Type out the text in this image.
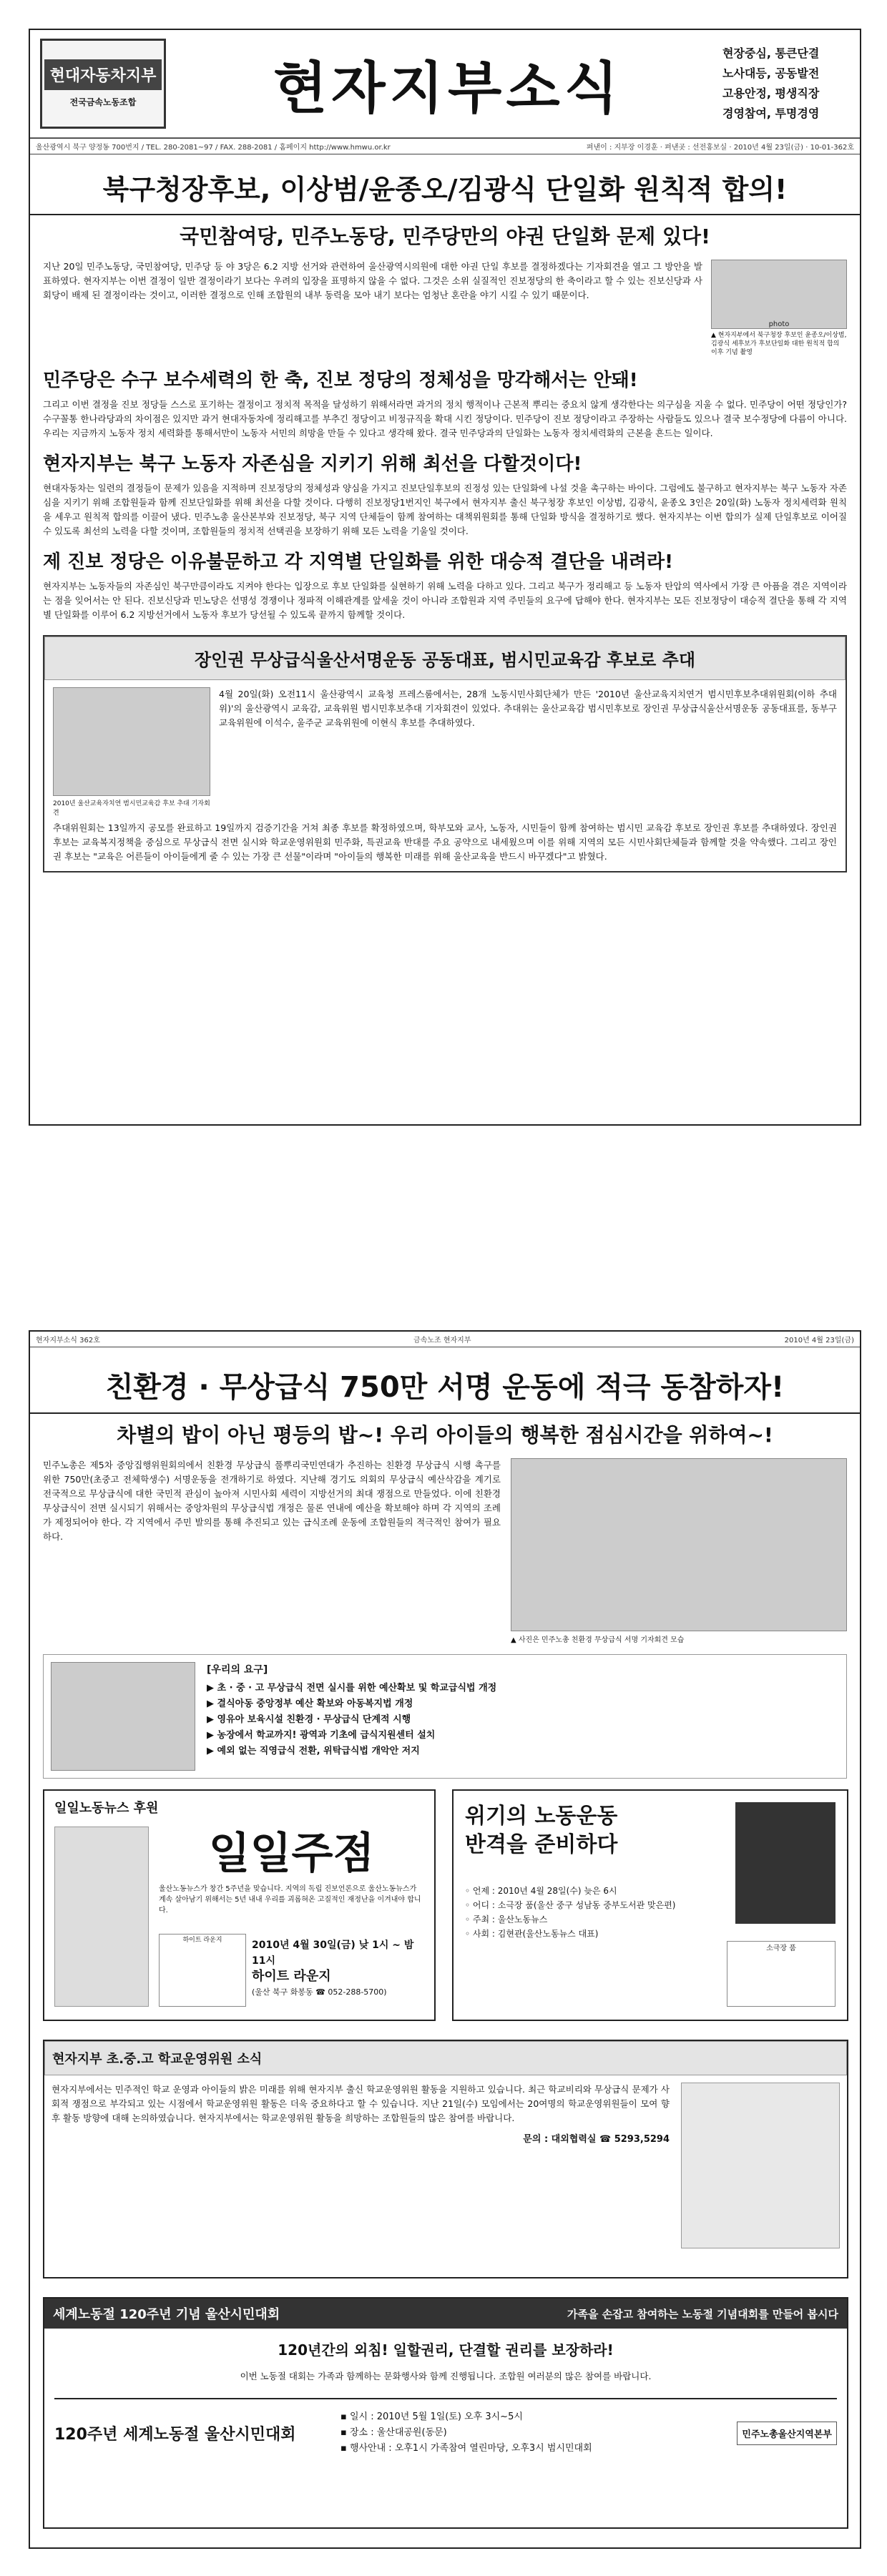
현대자동차지부
전국금속노동조합	현자지부소식
현장중심, 통큰단결
노사대등, 공동발전
고용안정, 평생직장
경영참여, 투명경영
울산광역시 북구 양정동 700번지 / TEL. 280-2081~97 / FAX. 288-2081 / 홈페이지 http://www.hmwu.or.kr	펴낸이 : 지부장 이경훈 · 펴낸곳 : 선전홍보실 · 2010년 4월 23일(금) · 10-01-362호
북구청장후보, 이상범/윤종오/김광식 단일화 원칙적 합의!
국민참여당, 민주노동당, 민주당만의 야권 단일화 문제 있다!
지난 20일 민주노동당, 국민참여당, 민주당 등 야 3당은 6.2 지방 선거와 관련하여 울산광역시의원에 대한 야권 단일 후보를 결정하겠다는 기자회견을 열고 그 방안을 발표하였다. 현자지부는 이번 결정이 일반 결정이라기 보다는 우려의 입장을 표명하지 않을 수 없다. 그것은 소위 실질적인 진보정당의 한 축이라고 할 수 있는 진보신당과 사회당이 배제 된 결정이라는 것이고, 이러한 결정으로 인해 조합원의 내부 동력을 모아 내기 보다는 엄청난 혼란을 야기 시킬 수 있기 때문이다.
photo
▲ 현자지부에서 북구청장 후보인 윤종오/이상범, 김광식 세후보가 후보단일화 대한 원칙적 합의 이후 기념 촬영
민주당은 수구 보수세력의 한 축, 진보 정당의 정체성을 망각해서는 안돼!
그리고 이번 결정을 진보 정당들 스스로 포기하는 결정이고 정치적 목적을 달성하기 위해서라면 과거의 정치 행적이나 근본적 뿌리는 중요치 않게 생각한다는 의구심을 지울 수 없다. 민주당이 어떤 정당인가? 수구꼴통 한나라당과의 차이점은 있지만 과거 현대자동차에 정리해고를 부추긴 정당이고 비정규직을 확대 시킨 정당이다. 민주당이 진보 정당이라고 주장하는 사람들도 있으나 결국 보수정당에 다름이 아니다. 우리는 지금까지 노동자 정치 세력화를 통해서만이 노동자 서민의 희망을 만들 수 있다고 생각해 왔다. 결국 민주당과의 단일화는 노동자 정치세력화의 근본을 흔드는 일이다.
현자지부는 북구 노동자 자존심을 지키기 위해 최선을 다할것이다!
현대자동차는 일련의 결정들이 문제가 있음을 지적하며 진보정당의 정체성과 양심을 가지고 진보단일후보의 진정성 있는 단일화에 나설 것을 촉구하는 바이다. 그럼에도 불구하고 현자지부는 북구 노동자 자존심을 지키기 위해 조합원들과 함께 진보단일화를 위해 최선을 다할 것이다. 다행히 진보정당1번지인 북구에서 현자지부 출신 북구청장 후보인 이상범, 김광식, 윤종오 3인은 20일(화) 노동자 정치세력화 원칙을 세우고 원칙적 합의를 이끌어 냈다. 민주노총 울산본부와 진보정당, 북구 지역 단체들이 함께 참여하는 대책위원회를 통해 단일화 방식을 결정하기로 했다. 현자지부는 이번 합의가 실제 단일후보로 이어질 수 있도록 최선의 노력을 다할 것이며, 조합원들의 정치적 선택권을 보장하기 위해 모든 노력을 기울일 것이다.
제 진보 정당은 이유불문하고 각 지역별 단일화를 위한 대승적 결단을 내려라!
현자지부는 노동자들의 자존심인 북구만큼이라도 지켜야 한다는 입장으로 후보 단일화를 실현하기 위해 노력을 다하고 있다. 그리고 북구가 정리해고 등 노동자 탄압의 역사에서 가장 큰 아픔을 겪은 지역이라는 점을 잊어서는 안 된다. 진보신당과 민노당은 선명성 경쟁이나 정파적 이해관계를 앞세울 것이 아니라 조합원과 지역 주민들의 요구에 답해야 한다. 현자지부는 모든 진보정당이 대승적 결단을 통해 각 지역별 단일화를 이루어 6.2 지방선거에서 노동자 후보가 당선될 수 있도록 끝까지 함께할 것이다.
장인권 무상급식울산서명운동 공동대표, 범시민교육감 후보로 추대
2010년 울산교육자치연 범시민교육감 후보 추대 기자회견
4월 20일(화) 오전11시 울산광역시 교육청 프레스룸에서는, 28개 노동시민사회단체가 만든 '2010년 울산교육지치연거 범시민후보추대위원회(이하 추대위)'의 울산광역시 교육감, 교육위원 범시민후보추대 기자회견이 있었다. 추대위는 울산교육감 범시민후보로 장인권 무상급식울산서명운동 공동대표를, 동부구 교육위원에 이석수, 울주군 교육위원에 이현식 후보를 추대하였다.
추대위원회는 13일까지 공모를 완료하고 19일까지 검증기간을 거쳐 최종 후보를 확정하였으며, 학부모와 교사, 노동자, 시민들이 함께 참여하는 범시민 교육감 후보로 장인권 후보를 추대하였다. 장인권 후보는 교육복지정책을 중심으로 무상급식 전면 실시와 학교운영위원회 민주화, 특권교육 반대를 주요 공약으로 내세웠으며 이를 위해 지역의 모든 시민사회단체들과 함께할 것을 약속했다. 그리고 장인권 후보는 "교육은 어른들이 아이들에게 줄 수 있는 가장 큰 선물"이라며 "아이들의 행복한 미래를 위해 울산교육을 반드시 바꾸겠다"고 밝혔다.
현자지부소식 362호	금속노조 현자지부	2010년 4월 23일(금)
친환경 · 무상급식 750만 서명 운동에 적극 동참하자!
차별의 밥이 아닌 평등의 밥~! 우리 아이들의 행복한 점심시간을 위하여~!
민주노총은 제5차 중앙집행위원회의에서 친환경 무상급식 풀뿌리국민연대가 추진하는 친환경 무상급식 시행 촉구를 위한 750만(초중고 전체학생수) 서명운동을 전개하기로 하였다. 지난해 경기도 의회의 무상급식 예산삭감을 계기로 전국적으로 무상급식에 대한 국민적 관심이 높아져 시민사회 세력이 지방선거의 최대 쟁점으로 만들었다. 이에 친환경 무상급식이 전면 실시되기 위해서는 중앙차원의 무상급식법 개정은 물론 연내에 예산을 확보해야 하며 각 지역의 조례가 제정되어야 한다. 각 지역에서 주민 발의를 통해 추진되고 있는 급식조례 운동에 조합원들의 적극적인 참여가 필요하다.
▲ 사진은 민주노총 친환경 무상급식 서명 기자회견 모습
[우리의 요구]
▶ 초 · 중 · 고 무상급식 전면 실시를 위한 예산확보 및 학교급식법 개정
▶ 결식아동 중앙정부 예산 확보와 아동복지법 개정
▶ 영유아 보육시설 친환경 · 무상급식 단계적 시행
▶ 농장에서 학교까지! 광역과 기초에 급식지원센터 설치
▶ 예외 없는 직영급식 전환, 위탁급식법 개악안 저지
일일노동뉴스 후원
일일주점
울산노동뉴스가 창간 5주년을 맞습니다. 지역의 독립 진보언론으로 울산노동뉴스가 계속 살아남기 위해서는 5년 내내 우리를 괴롭혀온 고질적인 재정난을 이겨내야 합니다.
하이트 라운지	2010년 4월 30일(금) 낮 1시 ~ 밤 11시
하이트 라운지
(울산 북구 화봉동 ☎ 052-288-5700)
위기의 노동운동
반격을 준비하다
◦ 언제 : 2010년 4월 28일(수) 늦은 6시
◦ 어디 : 소극장 품(울산 중구 성남동 중부도서관 맞은편)
◦ 주최 : 울산노동뉴스
◦ 사회 : 김현관(울산노동뉴스 대표)
소극장 품
현자지부 초.중.고 학교운영위원 소식
현자지부에서는 민주적인 학교 운영과 아이들의 밝은 미래를 위해 현자지부 출신 학교운영위원 활동을 지원하고 있습니다. 최근 학교비리와 무상급식 문제가 사회적 쟁점으로 부각되고 있는 시점에서 학교운영위원 활동은 더욱 중요하다고 할 수 있습니다. 지난 21일(수) 모임에서는 20여명의 학교운영위원들이 모여 향후 활동 방향에 대해 논의하였습니다. 현자지부에서는 학교운영위원 활동을 희망하는 조합원들의 많은 참여를 바랍니다.
문의 : 대외협력실 ☎ 5293,5294
세계노동절 120주년 기념 울산시민대회	가족을 손잡고 참여하는 노동절 기념대회를 만들어 봅시다
120년간의 외침! 일할권리, 단결할 권리를 보장하라!
이번 노동절 대회는 가족과 함께하는 문화행사와 함께 진행됩니다. 조합원 여러분의 많은 참여를 바랍니다.
120주년 세계노동절 울산시민대회
▪ 일시 : 2010년 5월 1일(토) 오후 3시~5시
▪ 장소 : 울산대공원(동문)
▪ 행사안내 : 오후1시 가족참여 열린마당, 오후3시 범시민대회
민주노총울산지역본부
